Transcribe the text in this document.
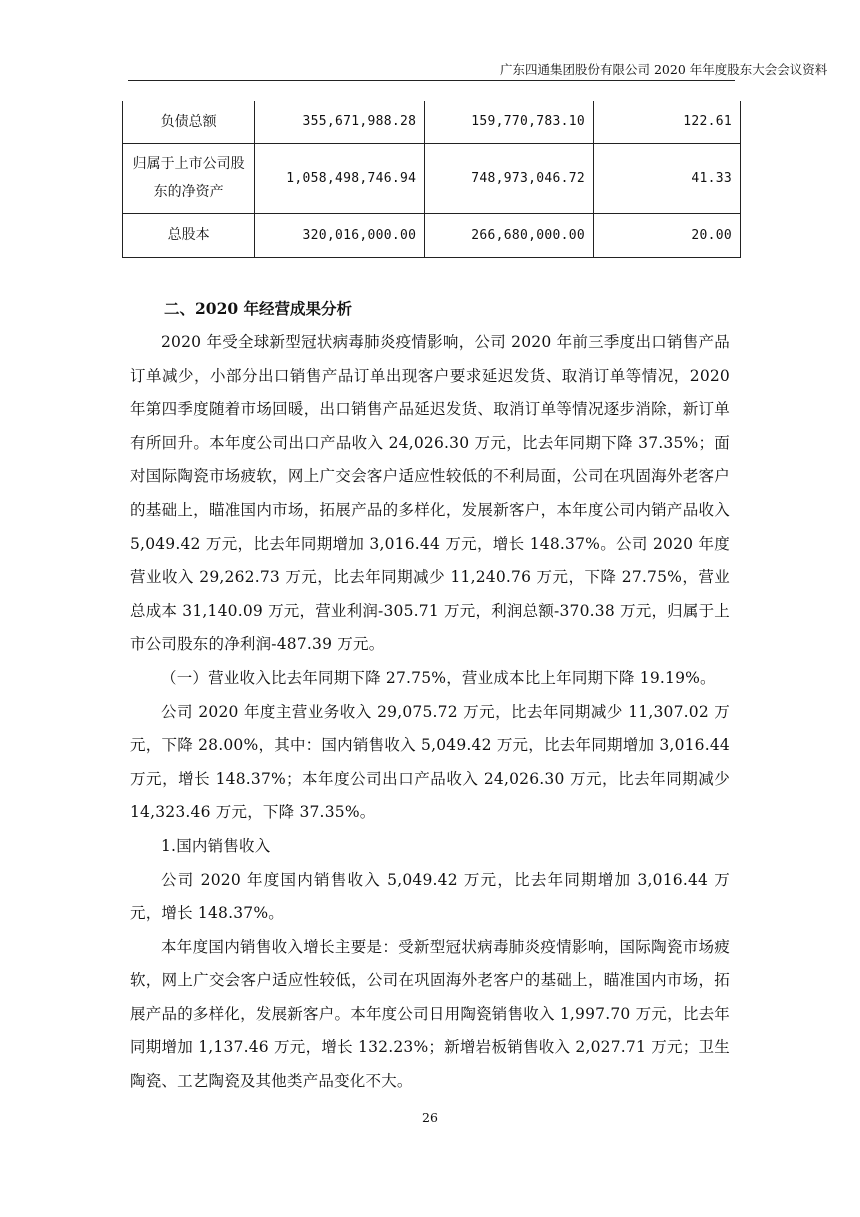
广东四通集团股份有限公司 2020 年年度股东大会会议资料
负债总额	355,671,988.28	159,770,783.10	122.61
归属于上市公司股东的净资产	1,058,498,746.94	748,973,046.72	41.33
总股本	320,016,000.00	266,680,000.00	20.00
二、2020 年经营成果分析

2020 年受全球新型冠状病毒肺炎疫情影响，公司 2020 年前三季度出口销售产品订单减少，小部分出口销售产品订单出现客户要求延迟发货、取消订单等情况，2020 年第四季度随着市场回暖，出口销售产品延迟发货、取消订单等情况逐步消除，新订单有所回升。本年度公司出口产品收入 24,026.30 万元，比去年同期下降 37.35%；面对国际陶瓷市场疲软，网上广交会客户适应性较低的不利局面，公司在巩固海外老客户的基础上，瞄准国内市场，拓展产品的多样化，发展新客户，本年度公司内销产品收入 5,049.42 万元，比去年同期增加 3,016.44 万元，增长 148.37%。公司 2020 年度营业收入 29,262.73 万元，比去年同期减少 11,240.76 万元，下降 27.75%，营业总成本 31,140.09 万元，营业利润-305.71 万元，利润总额-370.38 万元，归属于上市公司股东的净利润-487.39 万元。

（一）营业收入比去年同期下降 27.75%，营业成本比上年同期下降 19.19%。

公司 2020 年度主营业务收入 29,075.72 万元，比去年同期减少 11,307.02 万元，下降 28.00%，其中：国内销售收入 5,049.42 万元，比去年同期增加 3,016.44 万元，增长 148.37%；本年度公司出口产品收入 24,026.30 万元，比去年同期减少 14,323.46 万元，下降 37.35%。

1.国内销售收入

公司 2020 年度国内销售收入 5,049.42 万元，比去年同期增加 3,016.44 万元，增长 148.37%。

本年度国内销售收入增长主要是：受新型冠状病毒肺炎疫情影响，国际陶瓷市场疲软，网上广交会客户适应性较低，公司在巩固海外老客户的基础上，瞄准国内市场，拓展产品的多样化，发展新客户。本年度公司日用陶瓷销售收入 1,997.70 万元，比去年同期增加 1,137.46 万元，增长 132.23%；新增岩板销售收入 2,027.71 万元；卫生陶瓷、工艺陶瓷及其他类产品变化不大。

26
